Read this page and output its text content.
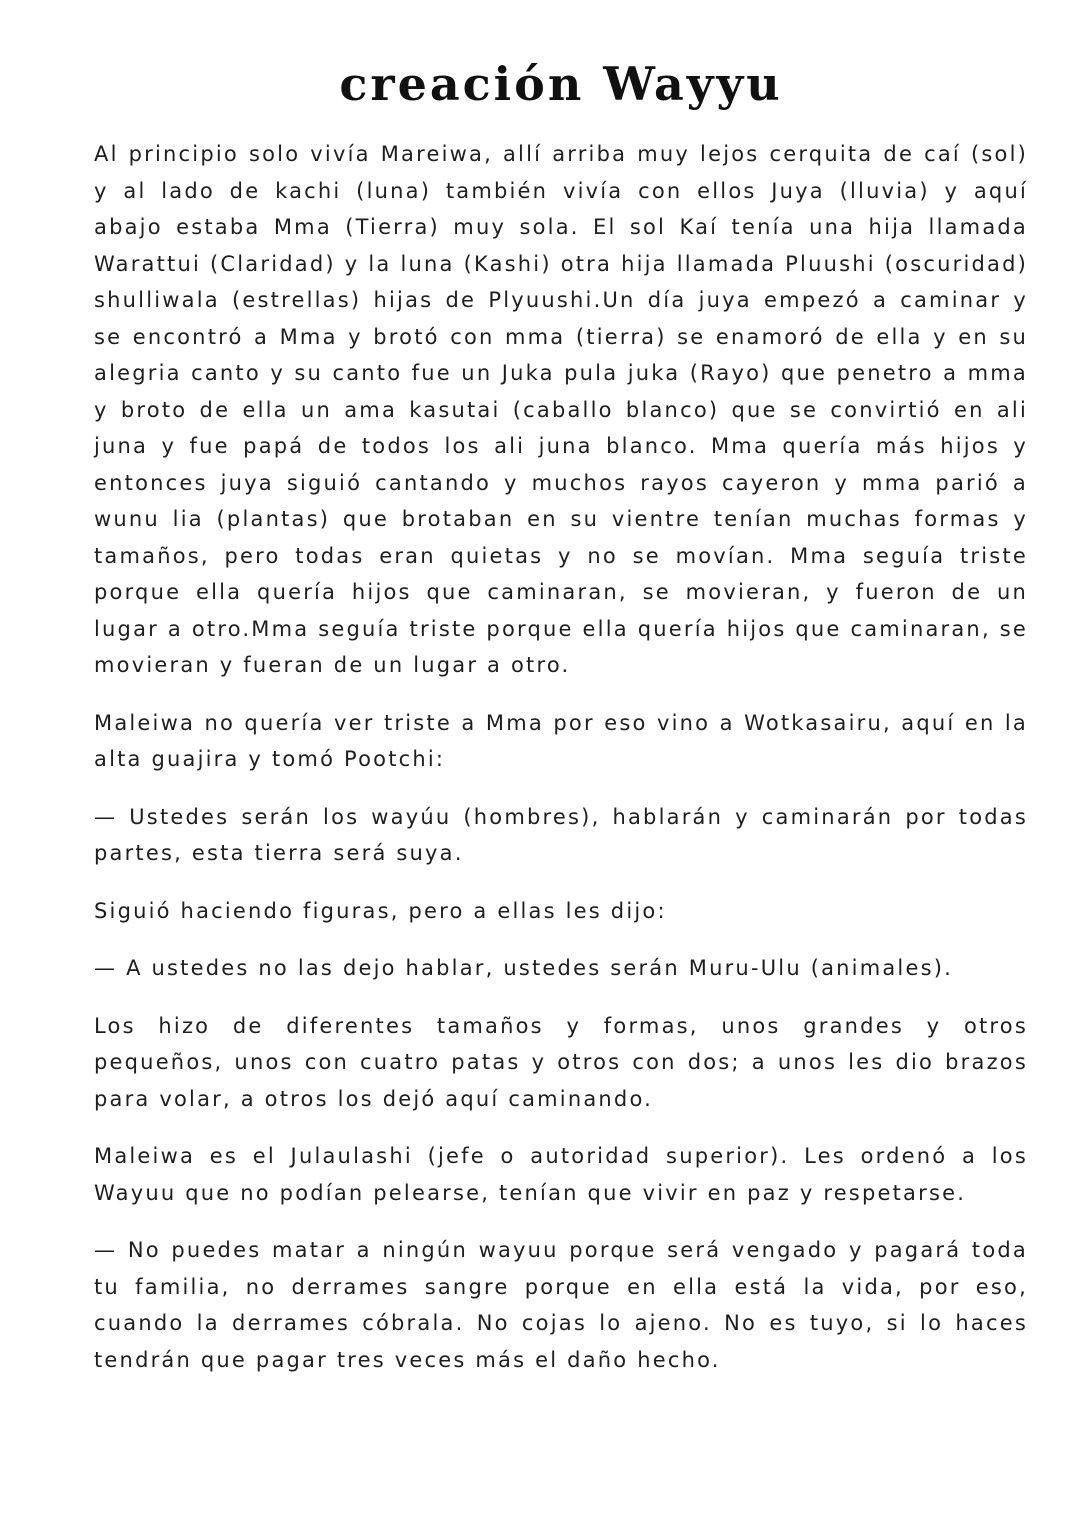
creación Wayyu

Al principio solo vivía Mareiwa, allí arriba muy lejos cerquita de caí (sol) y al lado de kachi (luna) también vivía con ellos Juya (lluvia) y aquí abajo estaba Mma (Tierra) muy sola. El sol Kaí tenía una hija llamada Warattui (Claridad) y la luna (Kashi) otra hija llamada Pluushi (oscuridad) shulliwala (estrellas) hijas de Plyuushi.Un día juya empezó a caminar y se encontró a Mma y brotó con mma (tierra) se enamoró de ella y en su alegria canto y su canto fue un Juka pula juka (Rayo) que penetro a mma y broto de ella un ama kasutai (caballo blanco) que se convirtió en ali juna y fue papá de todos los ali juna blanco. Mma quería más hijos y entonces juya siguió cantando y muchos rayos cayeron y mma parió a wunu lia (plantas) que brotaban en su vientre tenían muchas formas y tamaños, pero todas eran quietas y no se movían. Mma seguía triste porque ella quería hijos que caminaran, se movieran, y fueron de un lugar a otro.Mma seguía triste porque ella quería hijos que caminaran, se movieran y fueran de un lugar a otro.

Maleiwa no quería ver triste a Mma por eso vino a Wotkasairu, aquí en la alta guajira y tomó Pootchi:

— Ustedes serán los wayúu (hombres), hablarán y caminarán por todas partes, esta tierra será suya.

Siguió haciendo figuras, pero a ellas les dijo:

— A ustedes no las dejo hablar, ustedes serán Muru-Ulu (animales).

Los hizo de diferentes tamaños y formas, unos grandes y otros pequeños, unos con cuatro patas y otros con dos; a unos les dio brazos para volar, a otros los dejó aquí caminando.

Maleiwa es el Julaulashi (jefe o autoridad superior). Les ordenó a los Wayuu que no podían pelearse, tenían que vivir en paz y respetarse.

— No puedes matar a ningún wayuu porque será vengado y pagará toda tu familia, no derrames sangre porque en ella está la vida, por eso, cuando la derrames cóbrala. No cojas lo ajeno. No es tuyo, si lo haces tendrán que pagar tres veces más el daño hecho.
